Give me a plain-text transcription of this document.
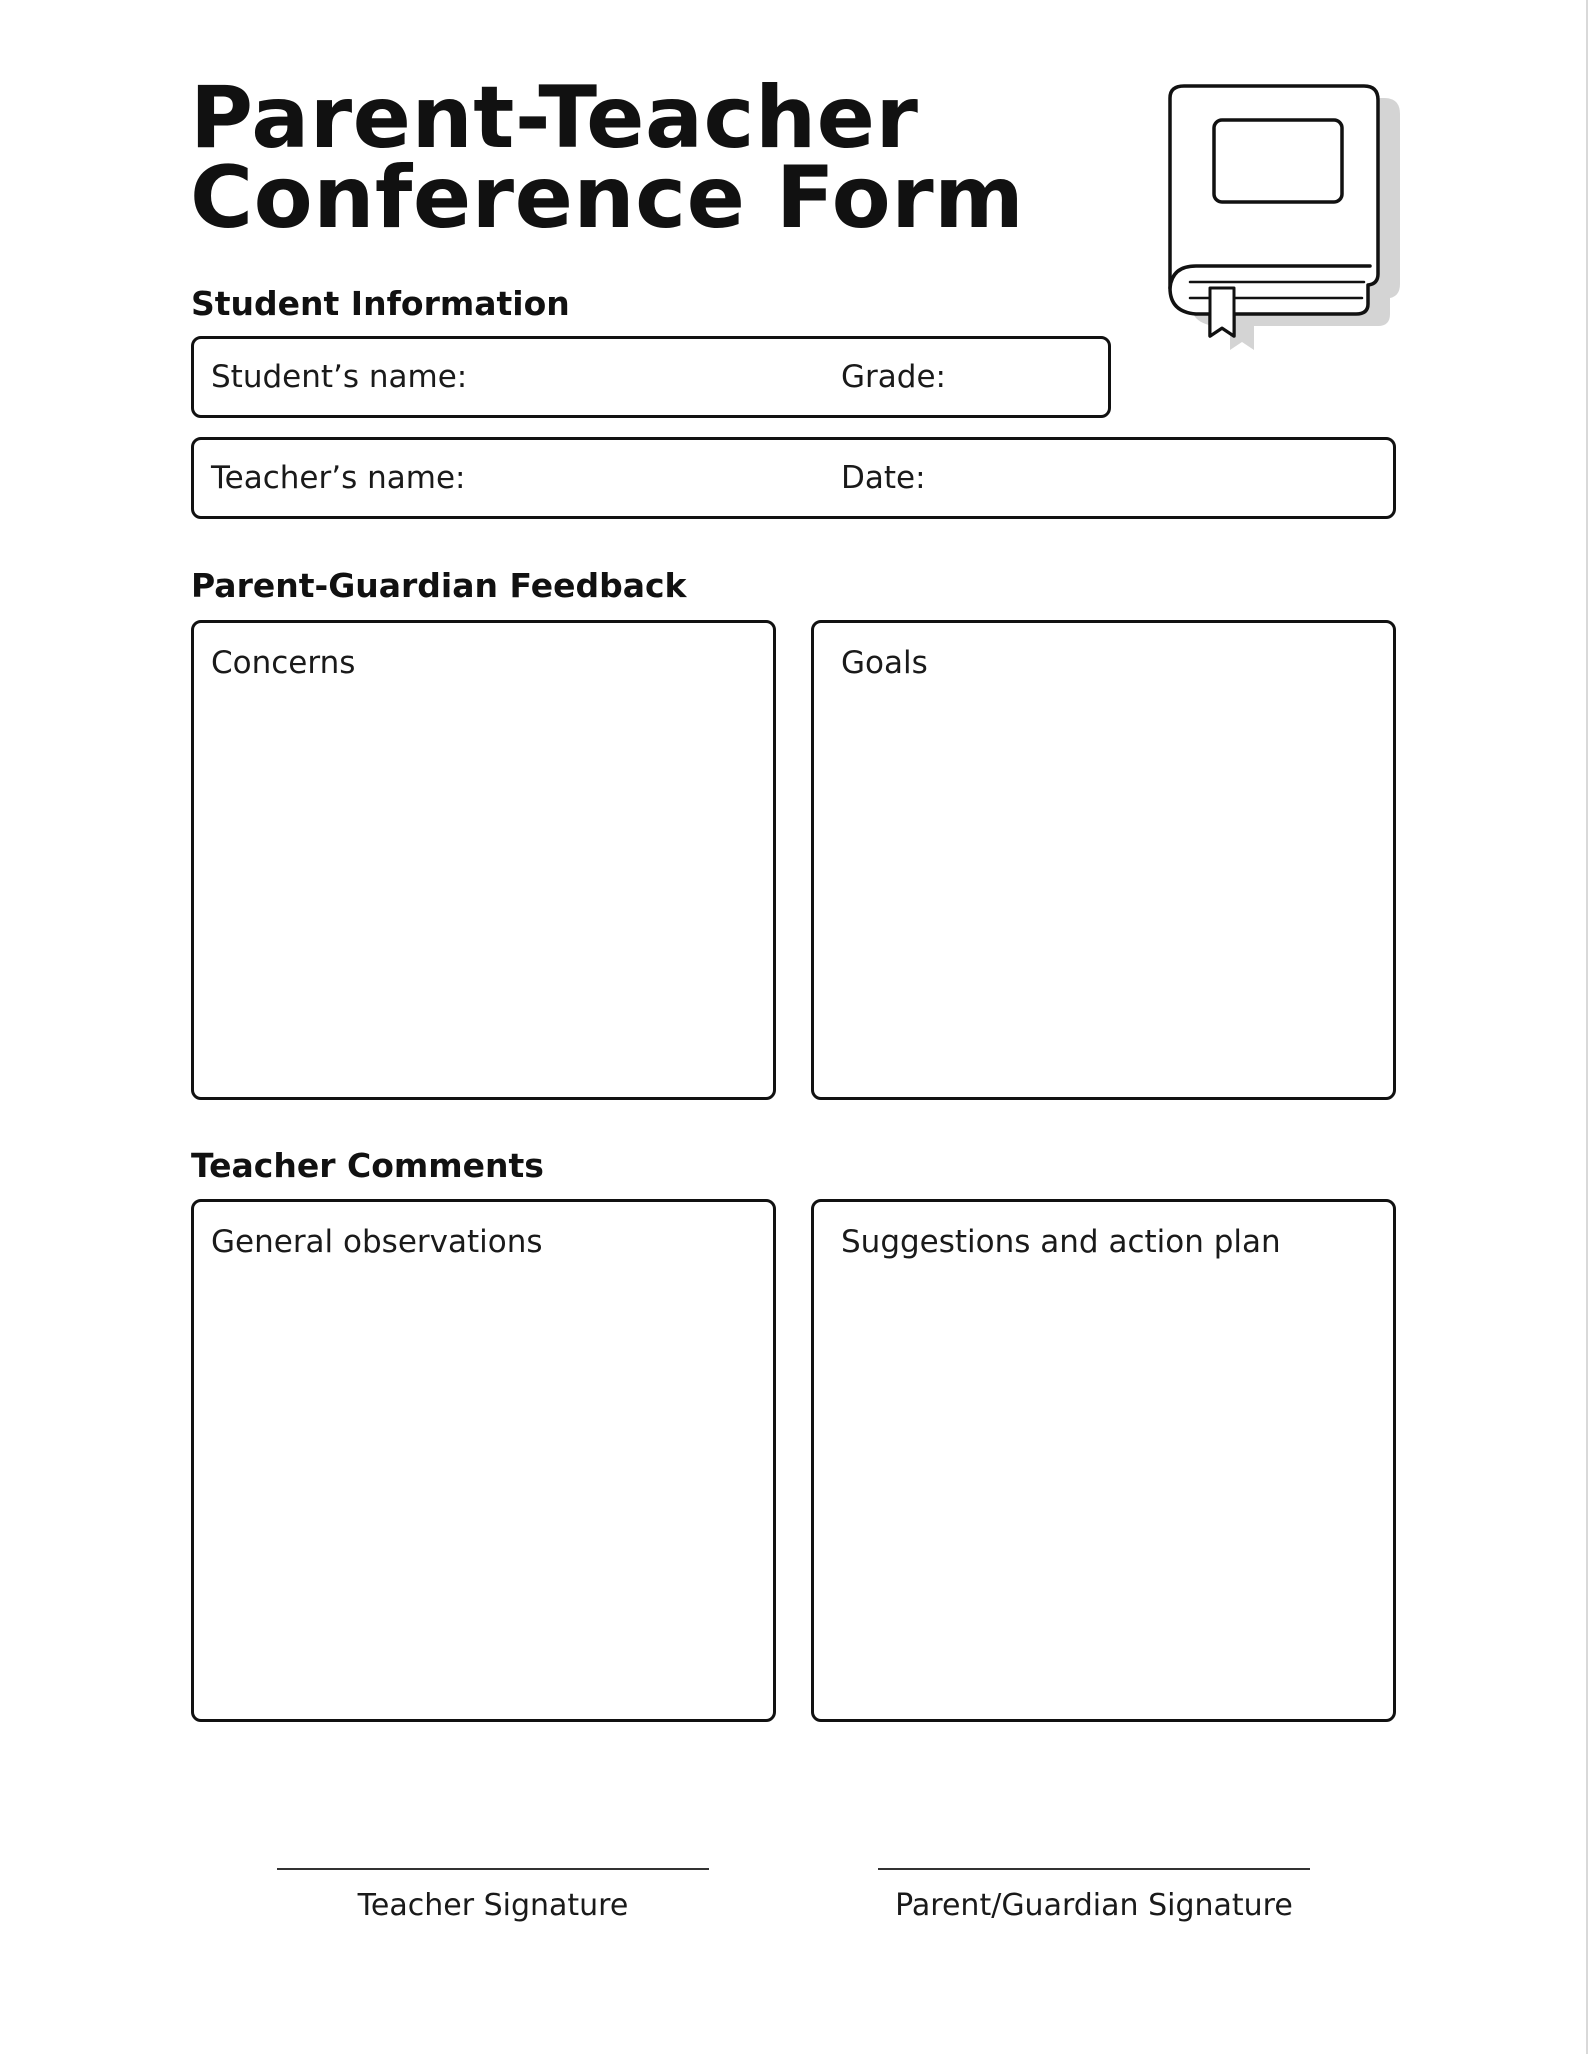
Parent-Teacher
Conference Form
Student Information
Student’s name:	Grade:
Teacher’s name:	Date:
Parent-Guardian Feedback
Concerns	Goals
Teacher Comments
General observations	Suggestions and action plan
Teacher Signature	Parent/Guardian Signature
